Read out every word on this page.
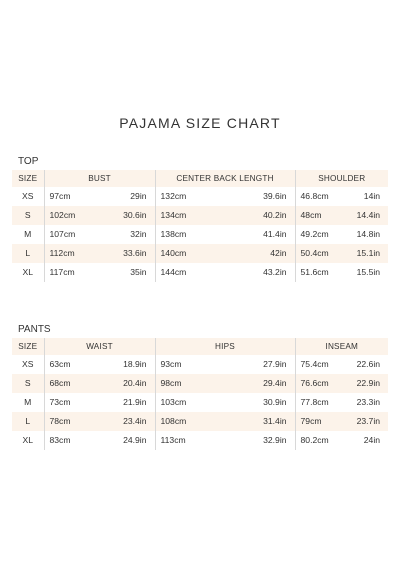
PAJAMA SIZE CHART
TOP
SIZE	BUST		CENTER BACK LENGTH		SHOULDER	
XS	97cm	29in	132cm	39.6in	46.8cm	14in
S	102cm	30.6in	134cm	40.2in	48cm	14.4in
M	107cm	32in	138cm	41.4in	49.2cm	14.8in
L	112cm	33.6in	140cm	42in	50.4cm	15.1in
XL	117cm	35in	144cm	43.2in	51.6cm	15.5in
PANTS
SIZE	WAIST		HIPS		INSEAM	
XS	63cm	18.9in	93cm	27.9in	75.4cm	22.6in
S	68cm	20.4in	98cm	29.4in	76.6cm	22.9in
M	73cm	21.9in	103cm	30.9in	77.8cm	23.3in
L	78cm	23.4in	108cm	31.4in	79cm	23.7in
XL	83cm	24.9in	113cm	32.9in	80.2cm	24in
